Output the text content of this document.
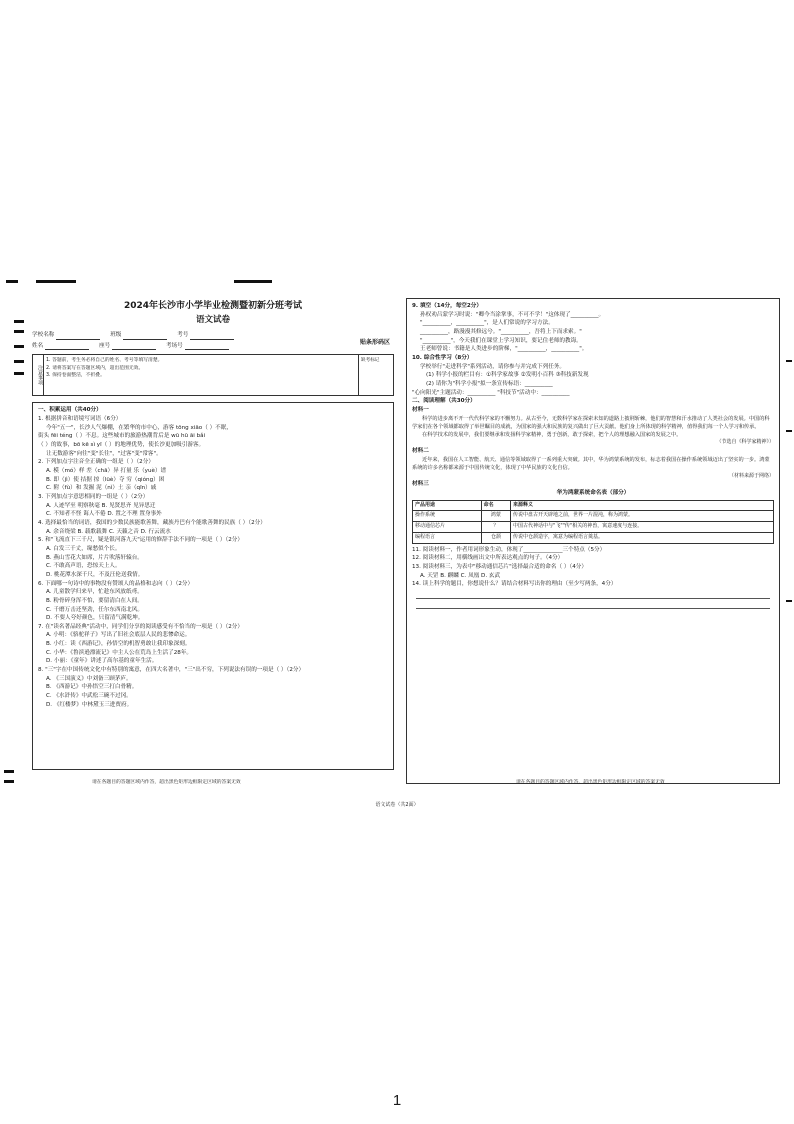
2024年长沙市小学毕业检测暨初新分班考试
语文试卷
学校名称	班级	考号
姓名	座号	考场号	贴条形码区
注意事项
1. 答题前，考生务必将自己的姓名、考号等填写清楚。
2. 请将答案写在答题区域内，超出范围无效。
3. 保持卷面整洁，不折叠。
缺考标记
一、积累运用（共40分）
1. 根据拼音和语境写词语（6分）
今年"五一"，长沙人气爆棚，在繁华的市中心，游客 tōng xiāo（ ）不眠，
街头 fēi téng（ ）不息。这些城市的旅游热潮背后是 wū hū āi bǎi
（ ）的故事，bō kē sì yī（ ）的地理优势，使长沙更加吸引游客。
让无数游客"向往"变"长往"，"过客"变"常客"。
2. 下列加点字注音全正确的一组是（ ）（2分）
A. 模（mó）样 差（chā）异 打量 乐（yuè）谱
B. 即（jì）使 拮据 掠（lüè）夺 穷（qióng）困
C. 附（fù）和 发掘 泥（nì）土 亲（qīn）戚
3. 下列加点字意思相同的一组是（ ）（2分）
A. 人迹罕至 明察秋毫 B. 见贤思齐 见异思迁
C. 不知者不怪 诲人不倦 D. 置之不理 置身事外
4. 选择最恰当的词语，我国的少数民族能歌善舞，藏族丹巴有个能歌善舞的民族（ ）（2分）
A. 余音绕梁 B. 载歌载舞 C. 天籁之音 D. 行云流水
5. 和"飞流直下三千尺，疑是银河落九天"运用的修辞手法不同的一项是（ ）（2分）
A. 白发三千丈，缘愁似个长。
B. 燕山雪花大如席，片片吹落轩辕台。
C. 不敢高声语，恐惊天上人。
D. 桃花潭水深千尺，不及汪伦送我情。
6. 下面哪一句诗中的事物没有赞颂人的品格和志向（ ）（2分）
A. 儿童散学归来早，忙趁东风放纸鸢。
B. 粉骨碎身浑不怕，要留清白在人间。
C. 千磨万击还坚劲，任尔东西南北风。
D. 不要人夸好颜色，只留清气满乾坤。
7. 在"读名著品经典"活动中，同学们分享的阅读感受有不恰当的一项是（ ）（2分）
A. 小明：《骆驼祥子》写出了旧社会底层人民的悲惨命运。
B. 小红：读《西游记》，孙悟空的机智勇敢让我印象深刻。
C. 小华：《鲁滨逊漂流记》中主人公在荒岛上生活了28年。
D. 小丽：《童年》讲述了高尔基的童年生活。
8. "三"字在中国传统文化中有特别的寓意，在四大名著中，"三"出不穷，下列说法有误的一项是（ ）（2分）
A. 《三国演义》中刘备三顾茅庐。
B. 《西游记》中孙悟空三打白骨精。
C. 《水浒传》中武松三碗不过冈。
D. 《红楼梦》中林黛玉三进贾府。
请在各题目的答题区域内作答，超出黑色矩形边框限定区域的答案无效
9. 填空（14分，每空2分）
孙权劝吕蒙学习时说："卿今当涂掌事，不可不学！"这体现了__________。
"__________，__________"，是人们常说的学习方法。
__________，路漫漫其修远兮。"__________，吾将上下而求索。"
"__________"，今天我们在课堂上学习知识，要记住老师的教诲。
王老师曾说：书籍是人类进步的阶梯，"__________，__________"。
10. 综合性学习（8分）
学校举行"走进科学"系列活动，请你参与并完成下列任务。
(1) 科学小报的栏目有：①科学家故事 ②发明小百科 ③科技新发现
(2) 请你为"科学小报"拟一条宣传标语：__________
"心向阳光"主题活动：__________ "科技节"活动中：__________
二、阅读理解（共30分）
材料一

科学的进步离不开一代代科学家的不懈努力。从古至今，无数科学家在探索未知的道路上披荆斩棘，他们的智慧和汗水推动了人类社会的发展。中国的科学家们在各个领域都取得了举世瞩目的成就，为国家的强大和民族的复兴做出了巨大贡献。他们身上所体现的科学精神，值得我们每一个人学习和传承。

在科学技术的发展中，我们要继承和发扬科学家精神，勇于创新，敢于探索，把个人的理想融入国家的发展之中。

（节选自《科学家精神》）
材料二

近年来，我国在人工智能、航天、通信等领域取得了一系列重大突破。其中，华为鸿蒙系统的发布，标志着我国在操作系统领域迈出了坚实的一步。鸿蒙系统的许多名称都来源于中国传统文化，体现了中华民族的文化自信。

（材料来源于网络）
材料三
华为鸿蒙系统命名表（部分）
产品用途	命名	来源释义
操作系统	鸿蒙	传说中盘古开天辟地之前，世界一片混沌，称为鸿蒙。
移动通信芯片	？	中国古代神话中与"飞""传"相关的神兽，寓意速度与连接。
编程语言	仓颉	传说中仓颉造字，寓意为编程语言奠基。
11. 阅读材料一，作者用词形象生动，体现了______________三个特点（5分）
12. 阅读材料二，用横线画出文中所表达观点的句子。（4分）
13. 阅读材料三，为表中"移动通信芯片"选择最合适的命名（ ）（4分）
A. 天罡 B. 麒麟 C. 凤凰 D. 玄武
14. 读上科学的题目，你想说什么？请结合材料写出你的理由（至少写两条，4分）
请在各题目的答题区域内作答，超出黑色矩形边框限定区域的答案无效
语文试卷（共2面）
1
